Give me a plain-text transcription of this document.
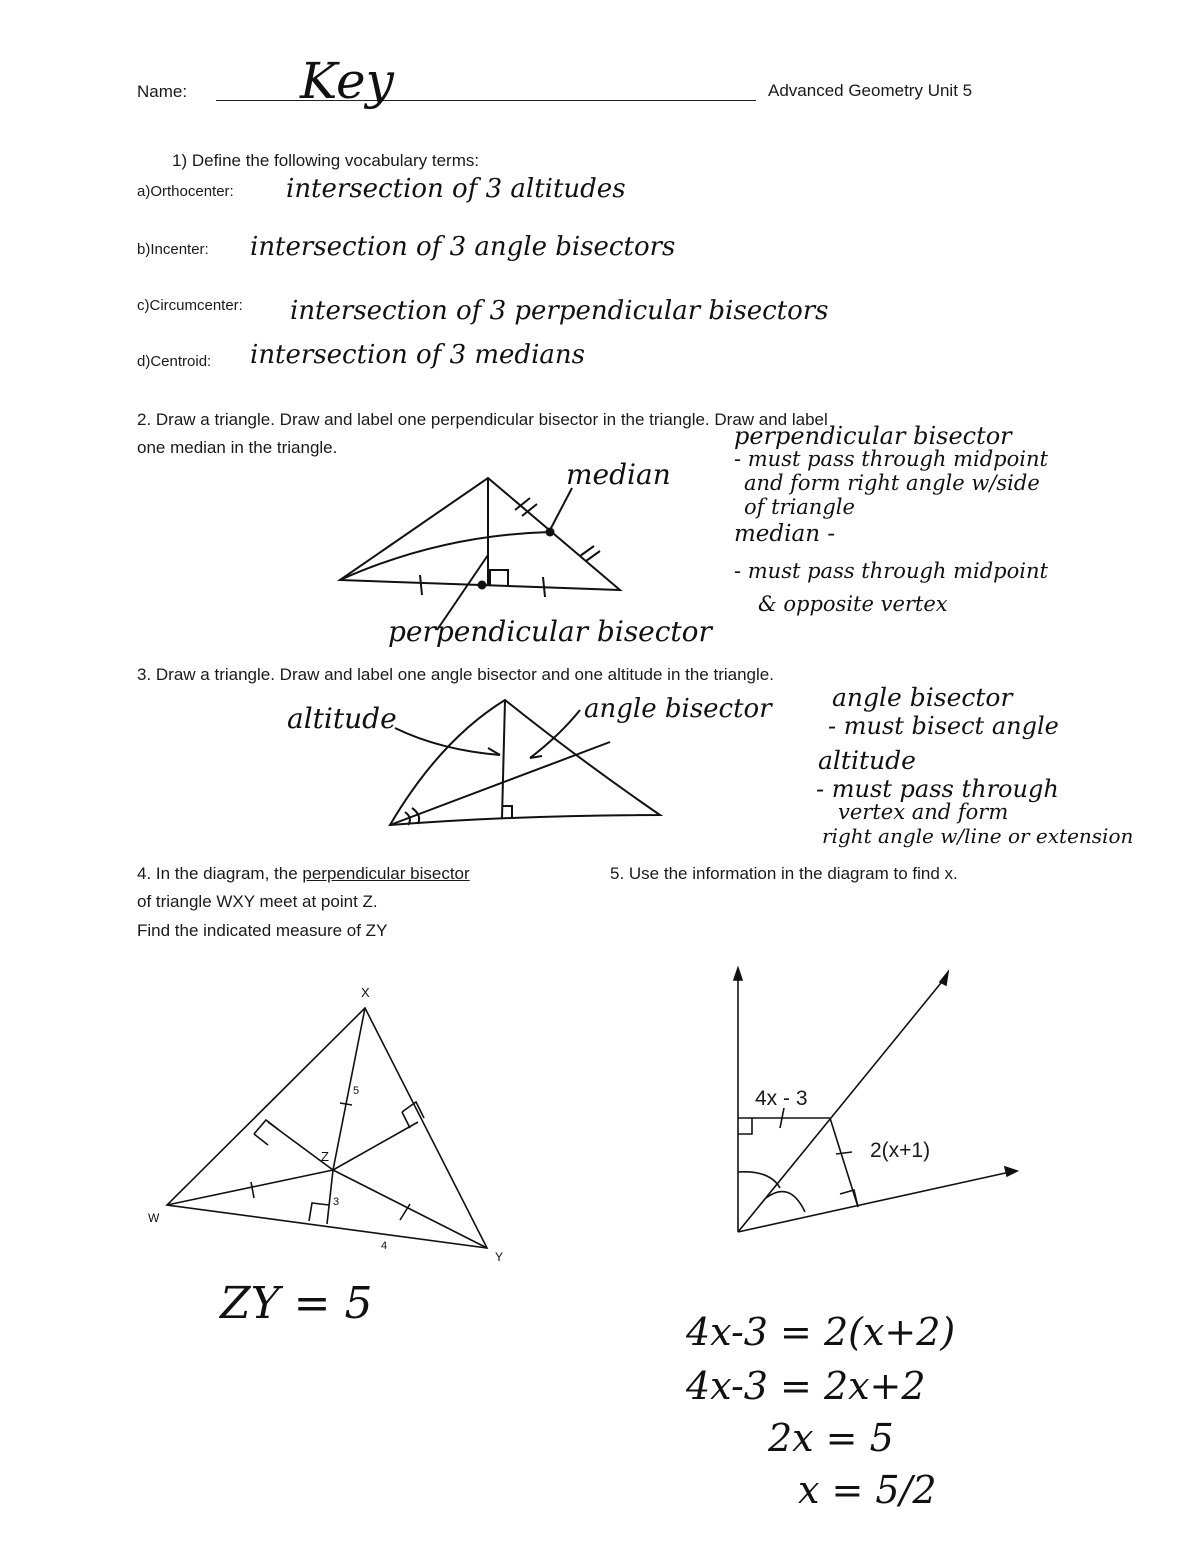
Name: Key	Advanced Geometry Unit 5
1) Define the following vocabulary terms:
a)Orthocenter: intersection of 3 altitudes
b)Incenter: intersection of 3 angle bisectors
c)Circumcenter: intersection of 3 perpendicular bisectors
d)Centroid: intersection of 3 medians
2. Draw a triangle. Draw and label one perpendicular bisector in the triangle. Draw and label
one median in the triangle.
median
perpendicular bisector
perpendicular bisector
- must pass through midpoint
and form right angle w/side
of triangle
median -
- must pass through midpoint
& opposite vertex
3. Draw a triangle. Draw and label one angle bisector and one altitude in the triangle.
altitude	angle bisector angle bisector
- must bisect angle
altitude
- must pass through
vertex and form
right angle w/line or extension
4. In the diagram, the perpendicular bisector
of triangle WXY meet at point Z.
Find the indicated measure of ZY
X
W
Y
Z
5
3
4
ZY = 5
5. Use the information in the diagram to find x.
4x - 3
2(x+1)
4x-3 = 2(x+2)
4x-3 = 2x+2
2x = 5
x = 5/2
